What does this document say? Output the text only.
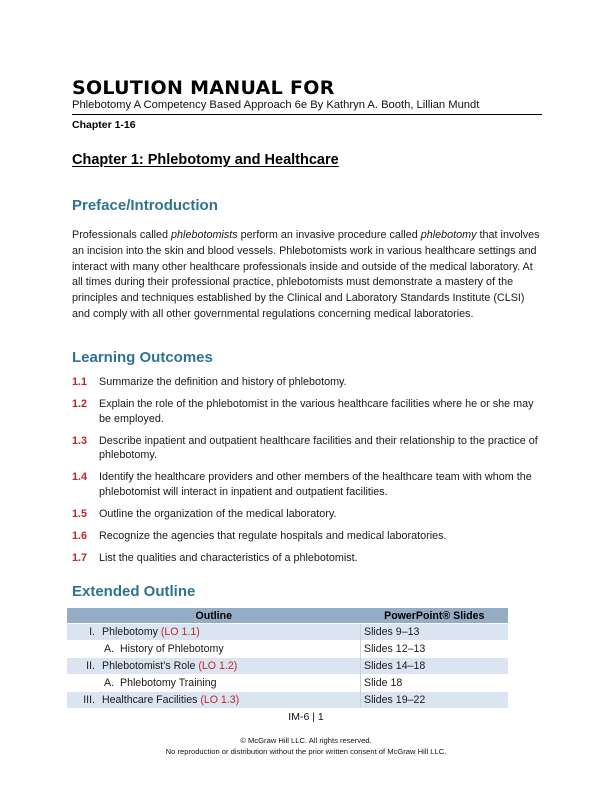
SOLUTION MANUAL FOR
Phlebotomy A Competency Based Approach 6e By Kathryn A. Booth, Lillian Mundt
Chapter 1-16
Chapter 1: Phlebotomy and Healthcare
Preface/Introduction
Professionals called phlebotomists perform an invasive procedure called phlebotomy that involves an incision into the skin and blood vessels. Phlebotomists work in various healthcare settings and interact with many other healthcare professionals inside and outside of the medical laboratory. At all times during their professional practice, phlebotomists must demonstrate a mastery of the principles and techniques established by the Clinical and Laboratory Standards Institute (CLSI) and comply with all other governmental regulations concerning medical laboratories.
Learning Outcomes
1.1	Summarize the definition and history of phlebotomy.
1.2	Explain the role of the phlebotomist in the various healthcare facilities where he or she may be employed.
1.3	Describe inpatient and outpatient healthcare facilities and their relationship to the practice of phlebotomy.
1.4	Identify the healthcare providers and other members of the healthcare team with whom the phlebotomist will interact in inpatient and outpatient facilities.
1.5	Outline the organization of the medical laboratory.
1.6	Recognize the agencies that regulate hospitals and medical laboratories.
1.7	List the qualities and characteristics of a phlebotomist.
Extended Outline
Outline		PowerPoint® Slides
I.	Phlebotomy (LO 1.1)	Slides 9–13
	A. History of Phlebotomy	Slides 12–13
II.	Phlebotomist’s Role (LO 1.2)	Slides 14–18
	A. Phlebotomy Training	Slide 18
III.	Healthcare Facilities (LO 1.3)	Slides 19–22
IM-6 | 1
© McGraw Hill LLC. All rights reserved.
No reproduction or distribution without the prior written consent of McGraw Hill LLC.
